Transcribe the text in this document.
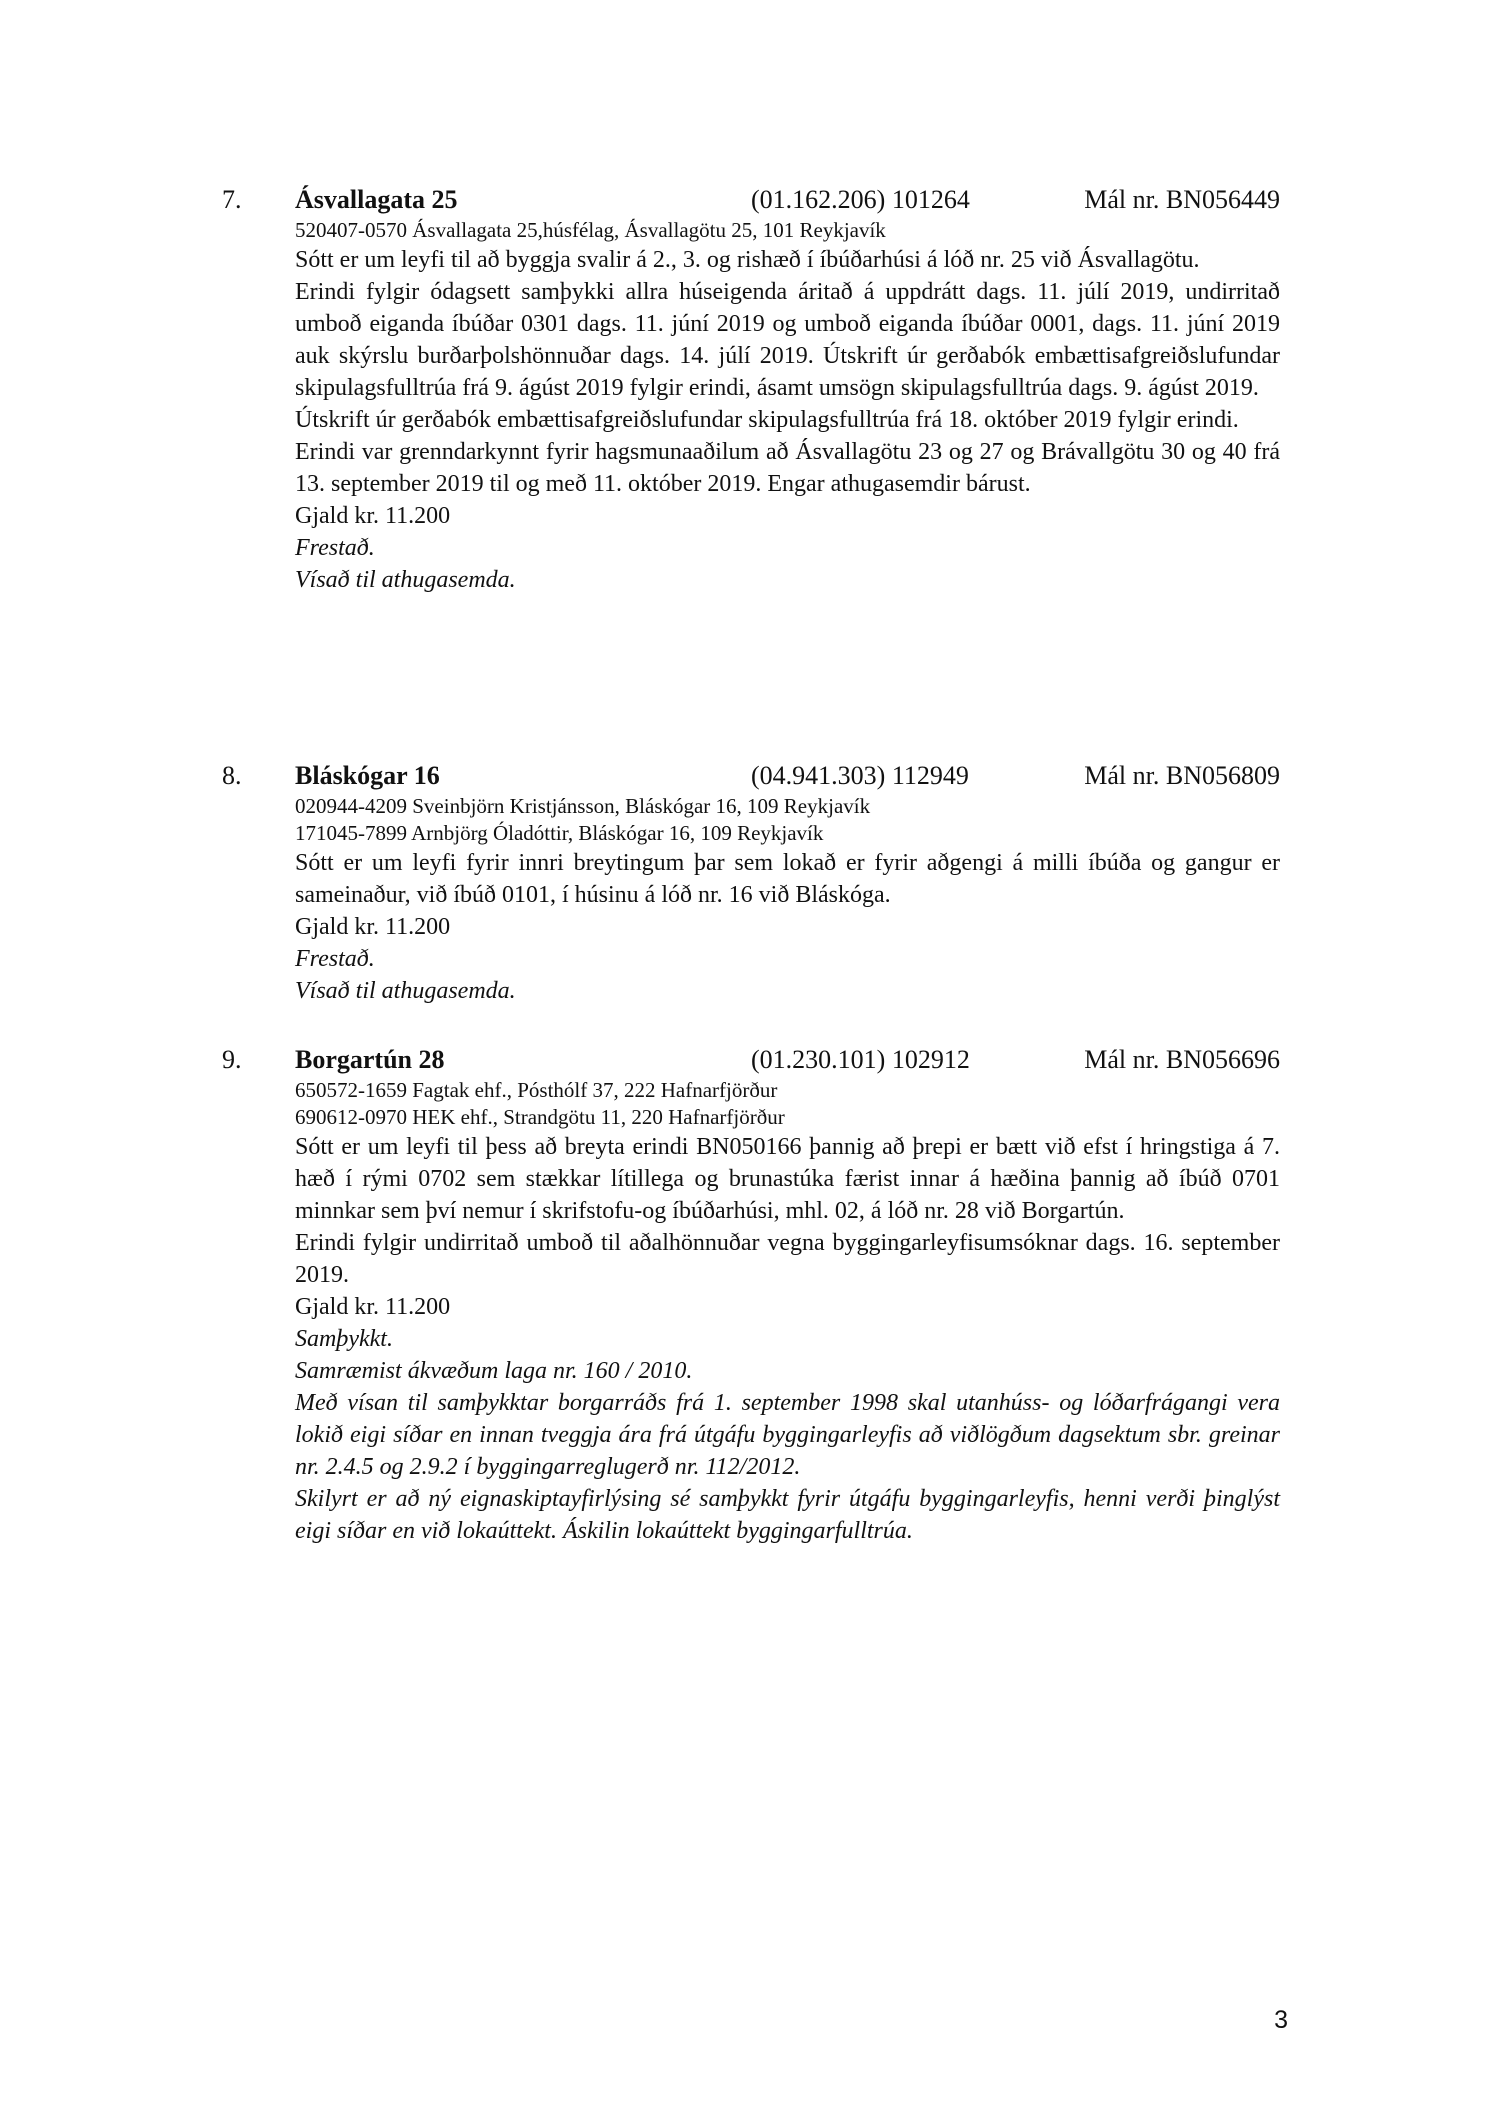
7. Ásvallagata 25	(01.162.206) 101264	Mál nr. BN056449
520407-0570 Ásvallagata 25,húsfélag, Ásvallagötu 25, 101 Reykjavík

Sótt er um leyfi til að byggja svalir á 2., 3. og rishæð í íbúðarhúsi á lóð nr. 25 við Ásvallagötu.

Erindi fylgir ódagsett samþykki allra húseigenda áritað á uppdrátt dags. 11. júlí 2019, undirritað umboð eiganda íbúðar 0301 dags. 11. júní 2019 og umboð eiganda íbúðar 0001, dags. 11. júní 2019 auk skýrslu burðarþolshönnuðar dags. 14. júlí 2019. Útskrift úr gerðabók embættisafgreiðslufundar skipulagsfulltrúa frá 9. ágúst 2019 fylgir erindi, ásamt umsögn skipulagsfulltrúa dags. 9. ágúst 2019.

Útskrift úr gerðabók embættisafgreiðslufundar skipulagsfulltrúa frá 18. október 2019 fylgir erindi.

Erindi var grenndarkynnt fyrir hagsmunaaðilum að Ásvallagötu 23 og 27 og Brávallgötu 30 og 40 frá 13. september 2019 til og með 11. október 2019. Engar athugasemdir bárust.

Gjald kr. 11.200

Frestað.

Vísað til athugasemda.

8. Bláskógar 16	(04.941.303) 112949	Mál nr. BN056809
020944-4209 Sveinbjörn Kristjánsson, Bláskógar 16, 109 Reykjavík
171045-7899 Arnbjörg Óladóttir, Bláskógar 16, 109 Reykjavík

Sótt er um leyfi fyrir innri breytingum þar sem lokað er fyrir aðgengi á milli íbúða og gangur er sameinaður, við íbúð 0101, í húsinu á lóð nr. 16 við Bláskóga.

Gjald kr. 11.200

Frestað.

Vísað til athugasemda.

9. Borgartún 28	(01.230.101) 102912	Mál nr. BN056696
650572-1659 Fagtak ehf., Pósthólf 37, 222 Hafnarfjörður
690612-0970 HEK ehf., Strandgötu 11, 220 Hafnarfjörður

Sótt er um leyfi til þess að breyta erindi BN050166 þannig að þrepi er bætt við efst í hringstiga á 7. hæð í rými 0702 sem stækkar lítillega og brunastúka færist innar á hæðina þannig að íbúð 0701 minnkar sem því nemur í skrifstofu-og íbúðarhúsi, mhl. 02, á lóð nr. 28 við Borgartún.

Erindi fylgir undirritað umboð til aðalhönnuðar vegna byggingarleyfisumsóknar dags. 16. september 2019.

Gjald kr. 11.200

Samþykkt.

Samræmist ákvæðum laga nr. 160 / 2010.

Með vísan til samþykktar borgarráðs frá 1. september 1998 skal utanhúss- og lóðarfrágangi vera lokið eigi síðar en innan tveggja ára frá útgáfu byggingarleyfis að viðlögðum dagsektum sbr. greinar nr. 2.4.5 og 2.9.2 í byggingarreglugerð nr. 112/2012.

Skilyrt er að ný eignaskiptayfirlýsing sé samþykkt fyrir útgáfu byggingarleyfis, henni verði þinglýst eigi síðar en við lokaúttekt. Áskilin lokaúttekt byggingarfulltrúa.

3
